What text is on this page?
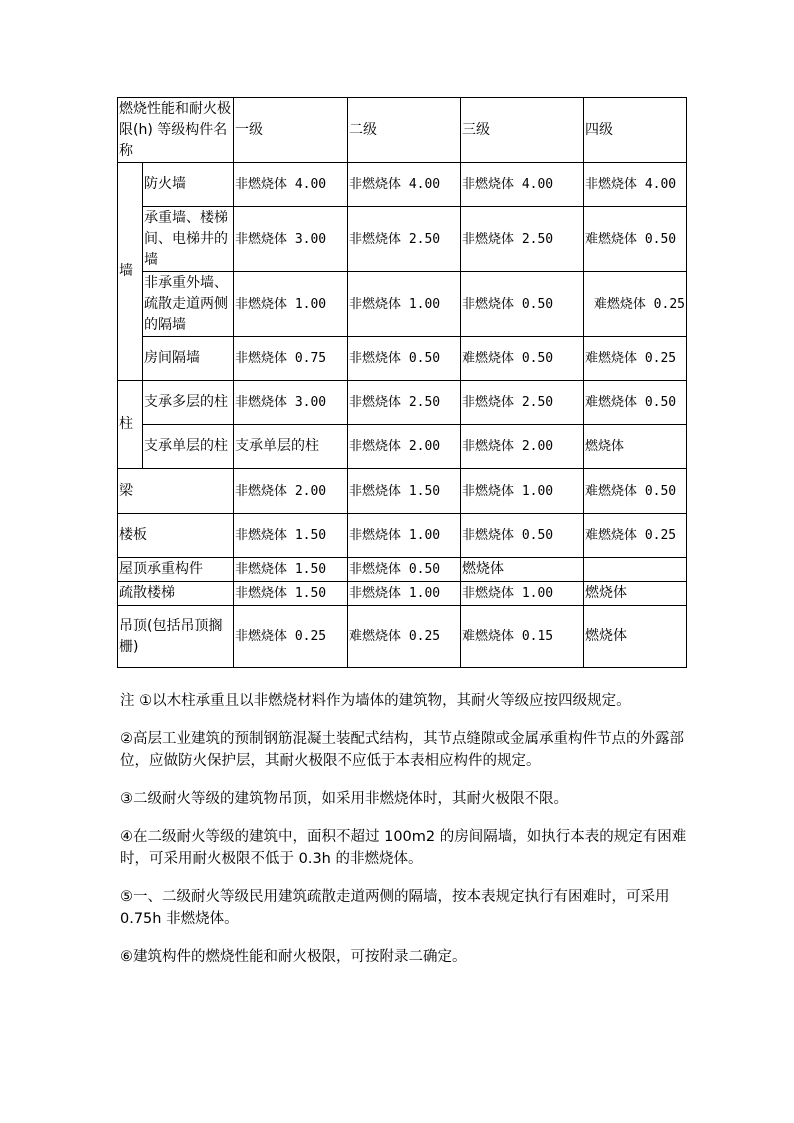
燃烧性能和耐火极限(h) 等级构件名称		一级	二级	三级	四级
墙	防火墙	非燃烧体 4.00	非燃烧体 4.00	非燃烧体 4.00	非燃烧体 4.00
	承重墙、楼梯间、电梯井的墙	非燃烧体 3.00	非燃烧体 2.50	非燃烧体 2.50	难燃烧体 0.50
	非承重外墙、疏散走道两侧的隔墙	非燃烧体 1.00	非燃烧体 1.00	非燃烧体 0.50	难燃烧体 0.25
	房间隔墙	非燃烧体 0.75	非燃烧体 0.50	难燃烧体 0.50	难燃烧体 0.25
柱	支承多层的柱	非燃烧体 3.00	非燃烧体 2.50	非燃烧体 2.50	难燃烧体 0.50
	支承单层的柱	支承单层的柱	非燃烧体 2.00	非燃烧体 2.00	燃烧体
梁		非燃烧体 2.00	非燃烧体 1.50	非燃烧体 1.00	难燃烧体 0.50
楼板		非燃烧体 1.50	非燃烧体 1.00	非燃烧体 0.50	难燃烧体 0.25
屋顶承重构件		非燃烧体 1.50	非燃烧体 0.50	燃烧体	
疏散楼梯		非燃烧体 1.50	非燃烧体 1.00	非燃烧体 1.00	燃烧体
吊顶(包括吊顶搁栅)		非燃烧体 0.25	难燃烧体 0.25	难燃烧体 0.15	燃烧体

注 ①以木柱承重且以非燃烧材料作为墙体的建筑物，其耐火等级应按四级规定。

②高层工业建筑的预制钢筋混凝土装配式结构，其节点缝隙或金属承重构件节点的外露部位，应做防火保护层，其耐火极限不应低于本表相应构件的规定。

③二级耐火等级的建筑物吊顶，如采用非燃烧体时，其耐火极限不限。

④在二级耐火等级的建筑中，面积不超过 100m2 的房间隔墙，如执行本表的规定有困难时，可采用耐火极限不低于 0.3h 的非燃烧体。

⑤一、二级耐火等级民用建筑疏散走道两侧的隔墙，按本表规定执行有困难时，可采用 0.75h 非燃烧体。

⑥建筑构件的燃烧性能和耐火极限，可按附录二确定。
